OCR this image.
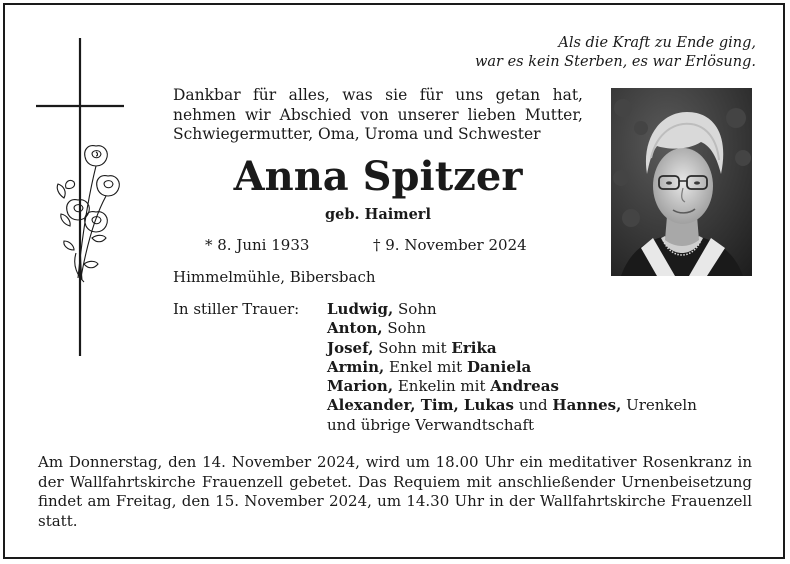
Als die Kraft zu Ende ging,
war es kein Sterben, es war Erlösung.
Dankbar für alles, was sie für uns getan hat, nehmen wir Abschied von unserer lieben Mutter, Schwiegermutter, Oma, Uroma und Schwester
Anna Spitzer
geb. Haimerl
* 8. Juni 1933	† 9. November 2024
Himmelmühle, Bibersbach
In stiller Trauer: Ludwig, Sohn
Anton, Sohn
Josef, Sohn mit Erika
Armin, Enkel mit Daniela
Marion, Enkelin mit Andreas
Alexander, Tim, Lukas und Hannes, Urenkeln
und übrige Verwandtschaft
Am Donnerstag, den 14. November 2024, wird um 18.00 Uhr ein meditativer Rosenkranz in der Wallfahrtskirche Frauenzell gebetet. Das Requiem mit anschließender Urnenbeisetzung findet am Freitag, den 15. November 2024, um 14.30 Uhr in der Wallfahrtskirche Frauenzell statt.
